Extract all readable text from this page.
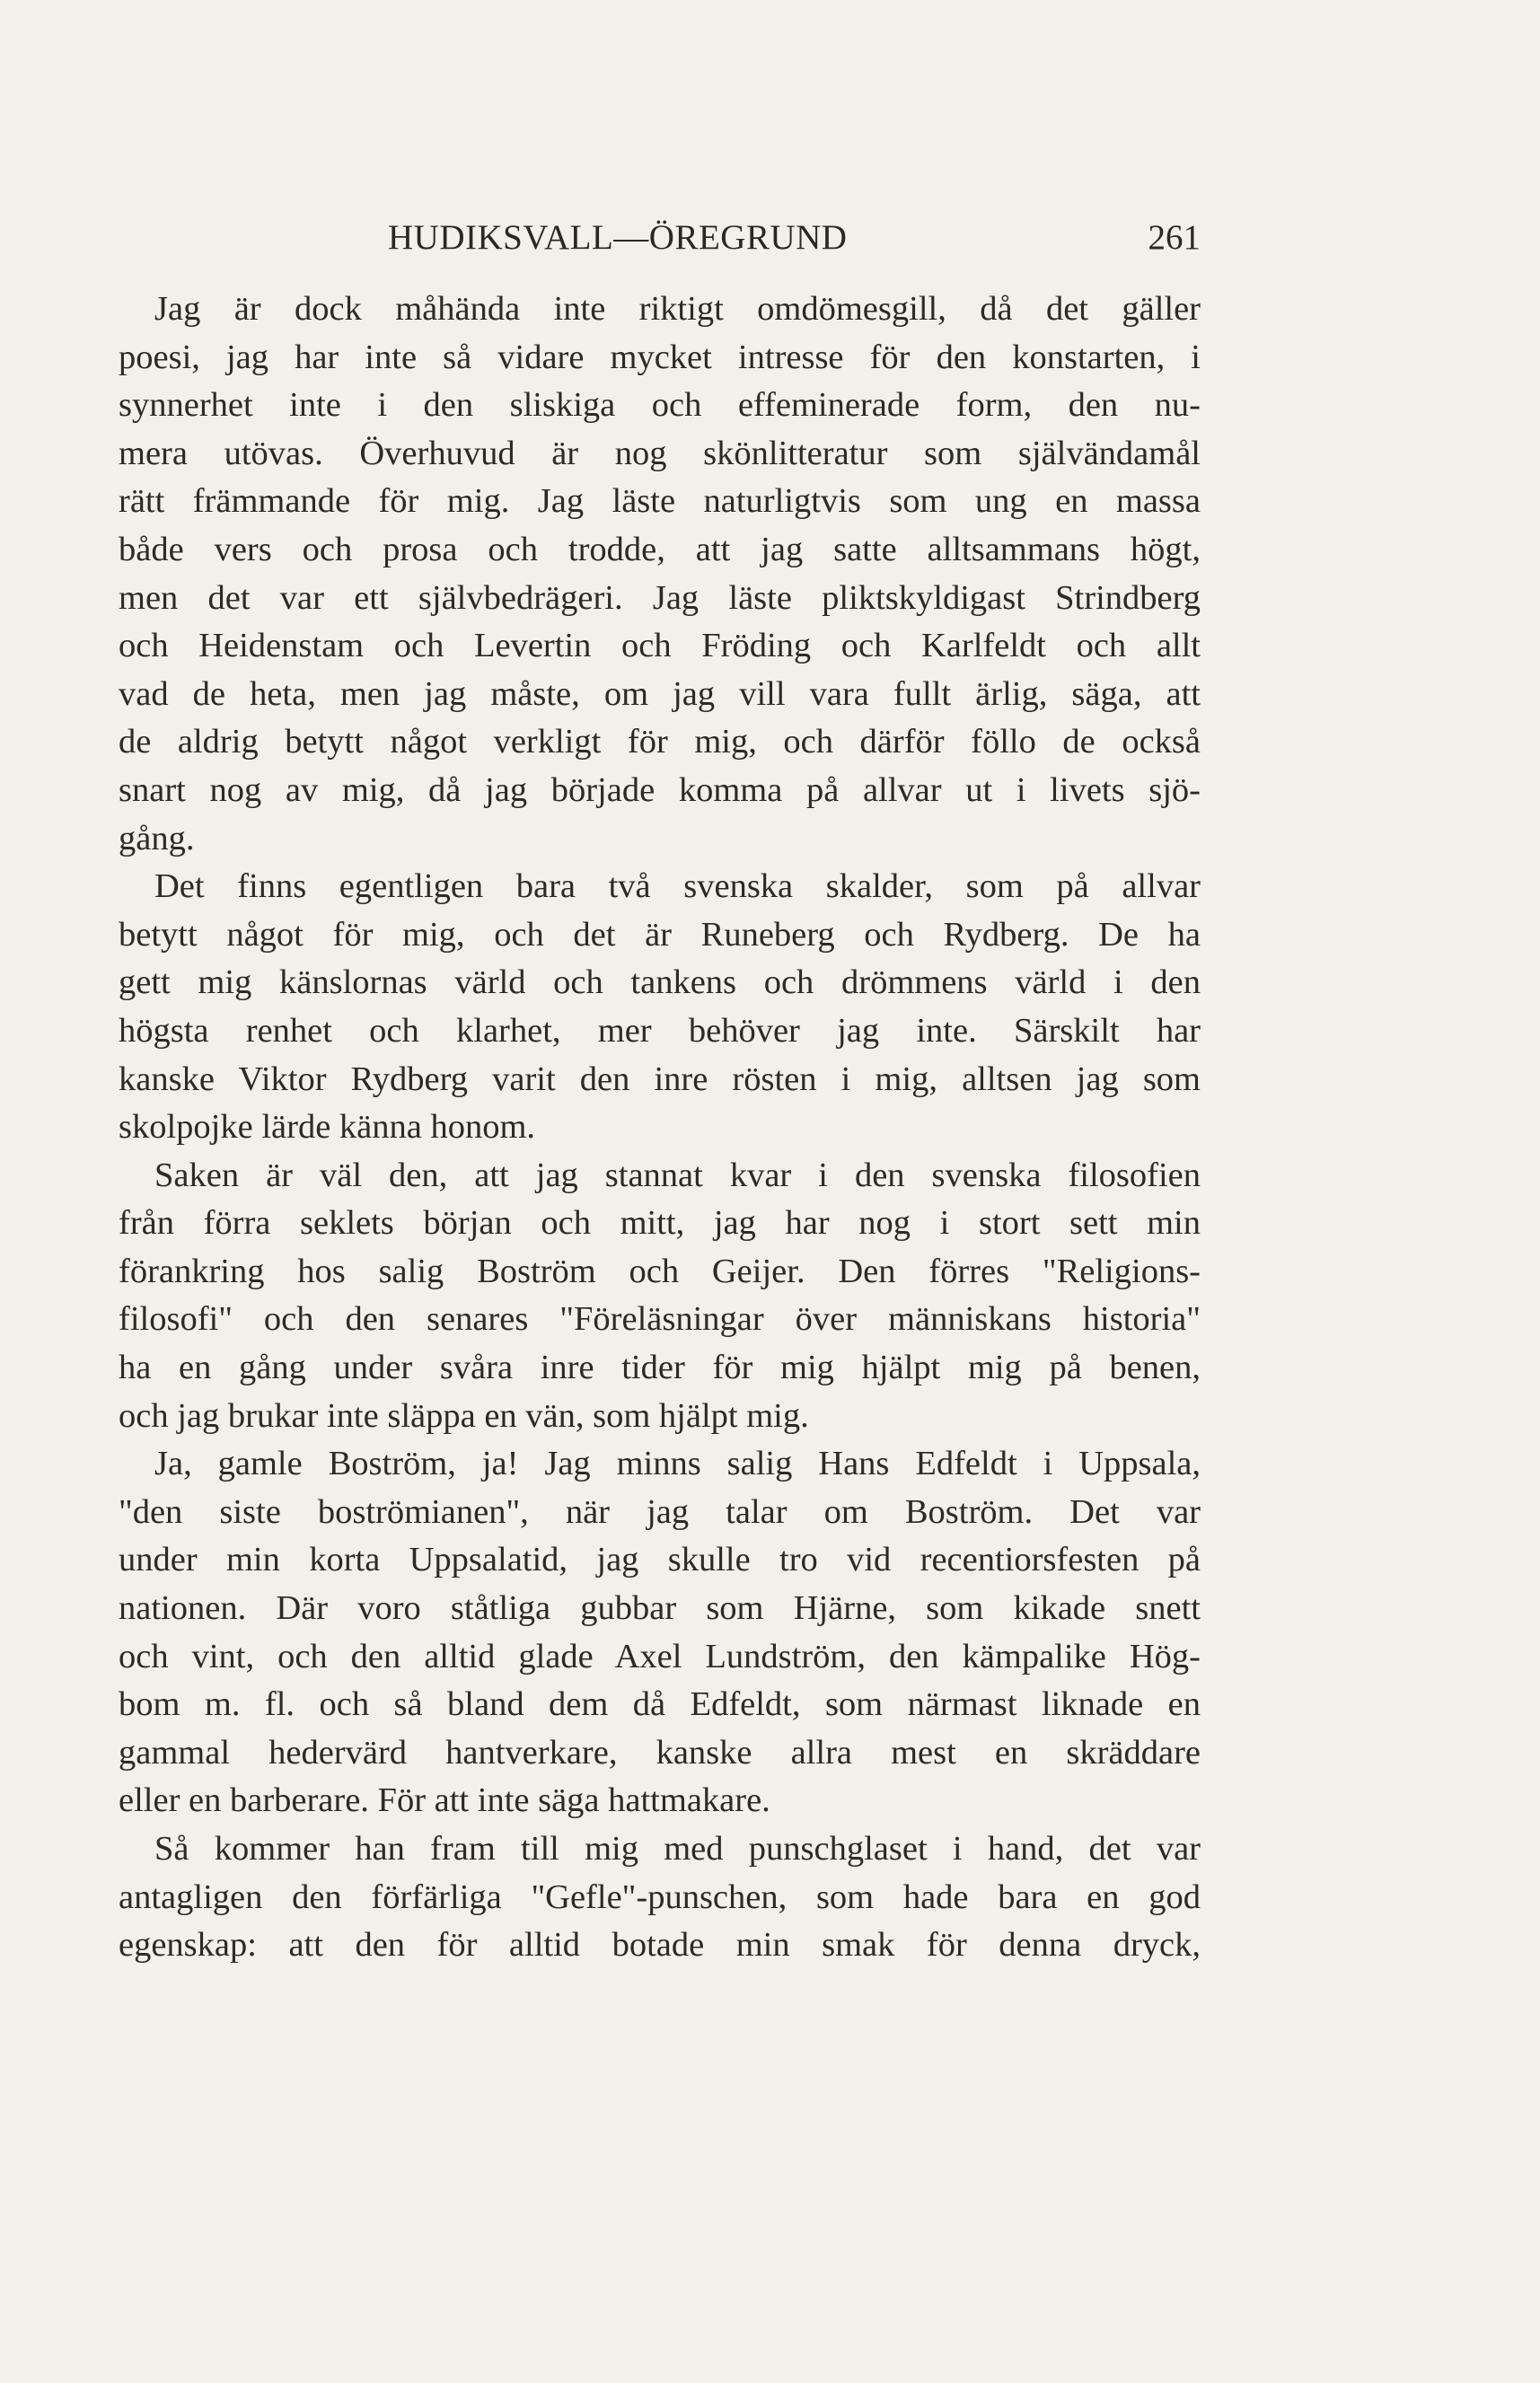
HUDIKSVALL—ÖREGRUND	261
Jag är dock måhända inte riktigt omdömesgill, då det gäller
poesi, jag har inte så vidare mycket intresse för den konstarten, i
synnerhet inte i den sliskiga och effeminerade form, den nu-
mera utövas. Överhuvud är nog skönlitteratur som självändamål
rätt främmande för mig. Jag läste naturligtvis som ung en massa
både vers och prosa och trodde, att jag satte alltsammans högt,
men det var ett självbedrägeri. Jag läste pliktskyldigast Strindberg
och Heidenstam och Levertin och Fröding och Karlfeldt och allt
vad de heta, men jag måste, om jag vill vara fullt ärlig, säga, att
de aldrig betytt något verkligt för mig, och därför föllo de också
snart nog av mig, då jag började komma på allvar ut i livets sjö-
gång.
Det finns egentligen bara två svenska skalder, som på allvar
betytt något för mig, och det är Runeberg och Rydberg. De ha
gett mig känslornas värld och tankens och drömmens värld i den
högsta renhet och klarhet, mer behöver jag inte. Särskilt har
kanske Viktor Rydberg varit den inre rösten i mig, alltsen jag som
skolpojke lärde känna honom.
Saken är väl den, att jag stannat kvar i den svenska filosofien
från förra seklets början och mitt, jag har nog i stort sett min
förankring hos salig Boström och Geijer. Den förres "Religions-
filosofi" och den senares "Föreläsningar över människans historia"
ha en gång under svåra inre tider för mig hjälpt mig på benen,
och jag brukar inte släppa en vän, som hjälpt mig.
Ja, gamle Boström, ja! Jag minns salig Hans Edfeldt i Uppsala,
"den siste boströmianen", när jag talar om Boström. Det var
under min korta Uppsalatid, jag skulle tro vid recentiorsfesten på
nationen. Där voro ståtliga gubbar som Hjärne, som kikade snett
och vint, och den alltid glade Axel Lundström, den kämpalike Hög-
bom m. fl. och så bland dem då Edfeldt, som närmast liknade en
gammal hedervärd hantverkare, kanske allra mest en skräddare
eller en barberare. För att inte säga hattmakare.
Så kommer han fram till mig med punschglaset i hand, det var
antagligen den förfärliga "Gefle"-punschen, som hade bara en god
egenskap: att den för alltid botade min smak för denna dryck,
